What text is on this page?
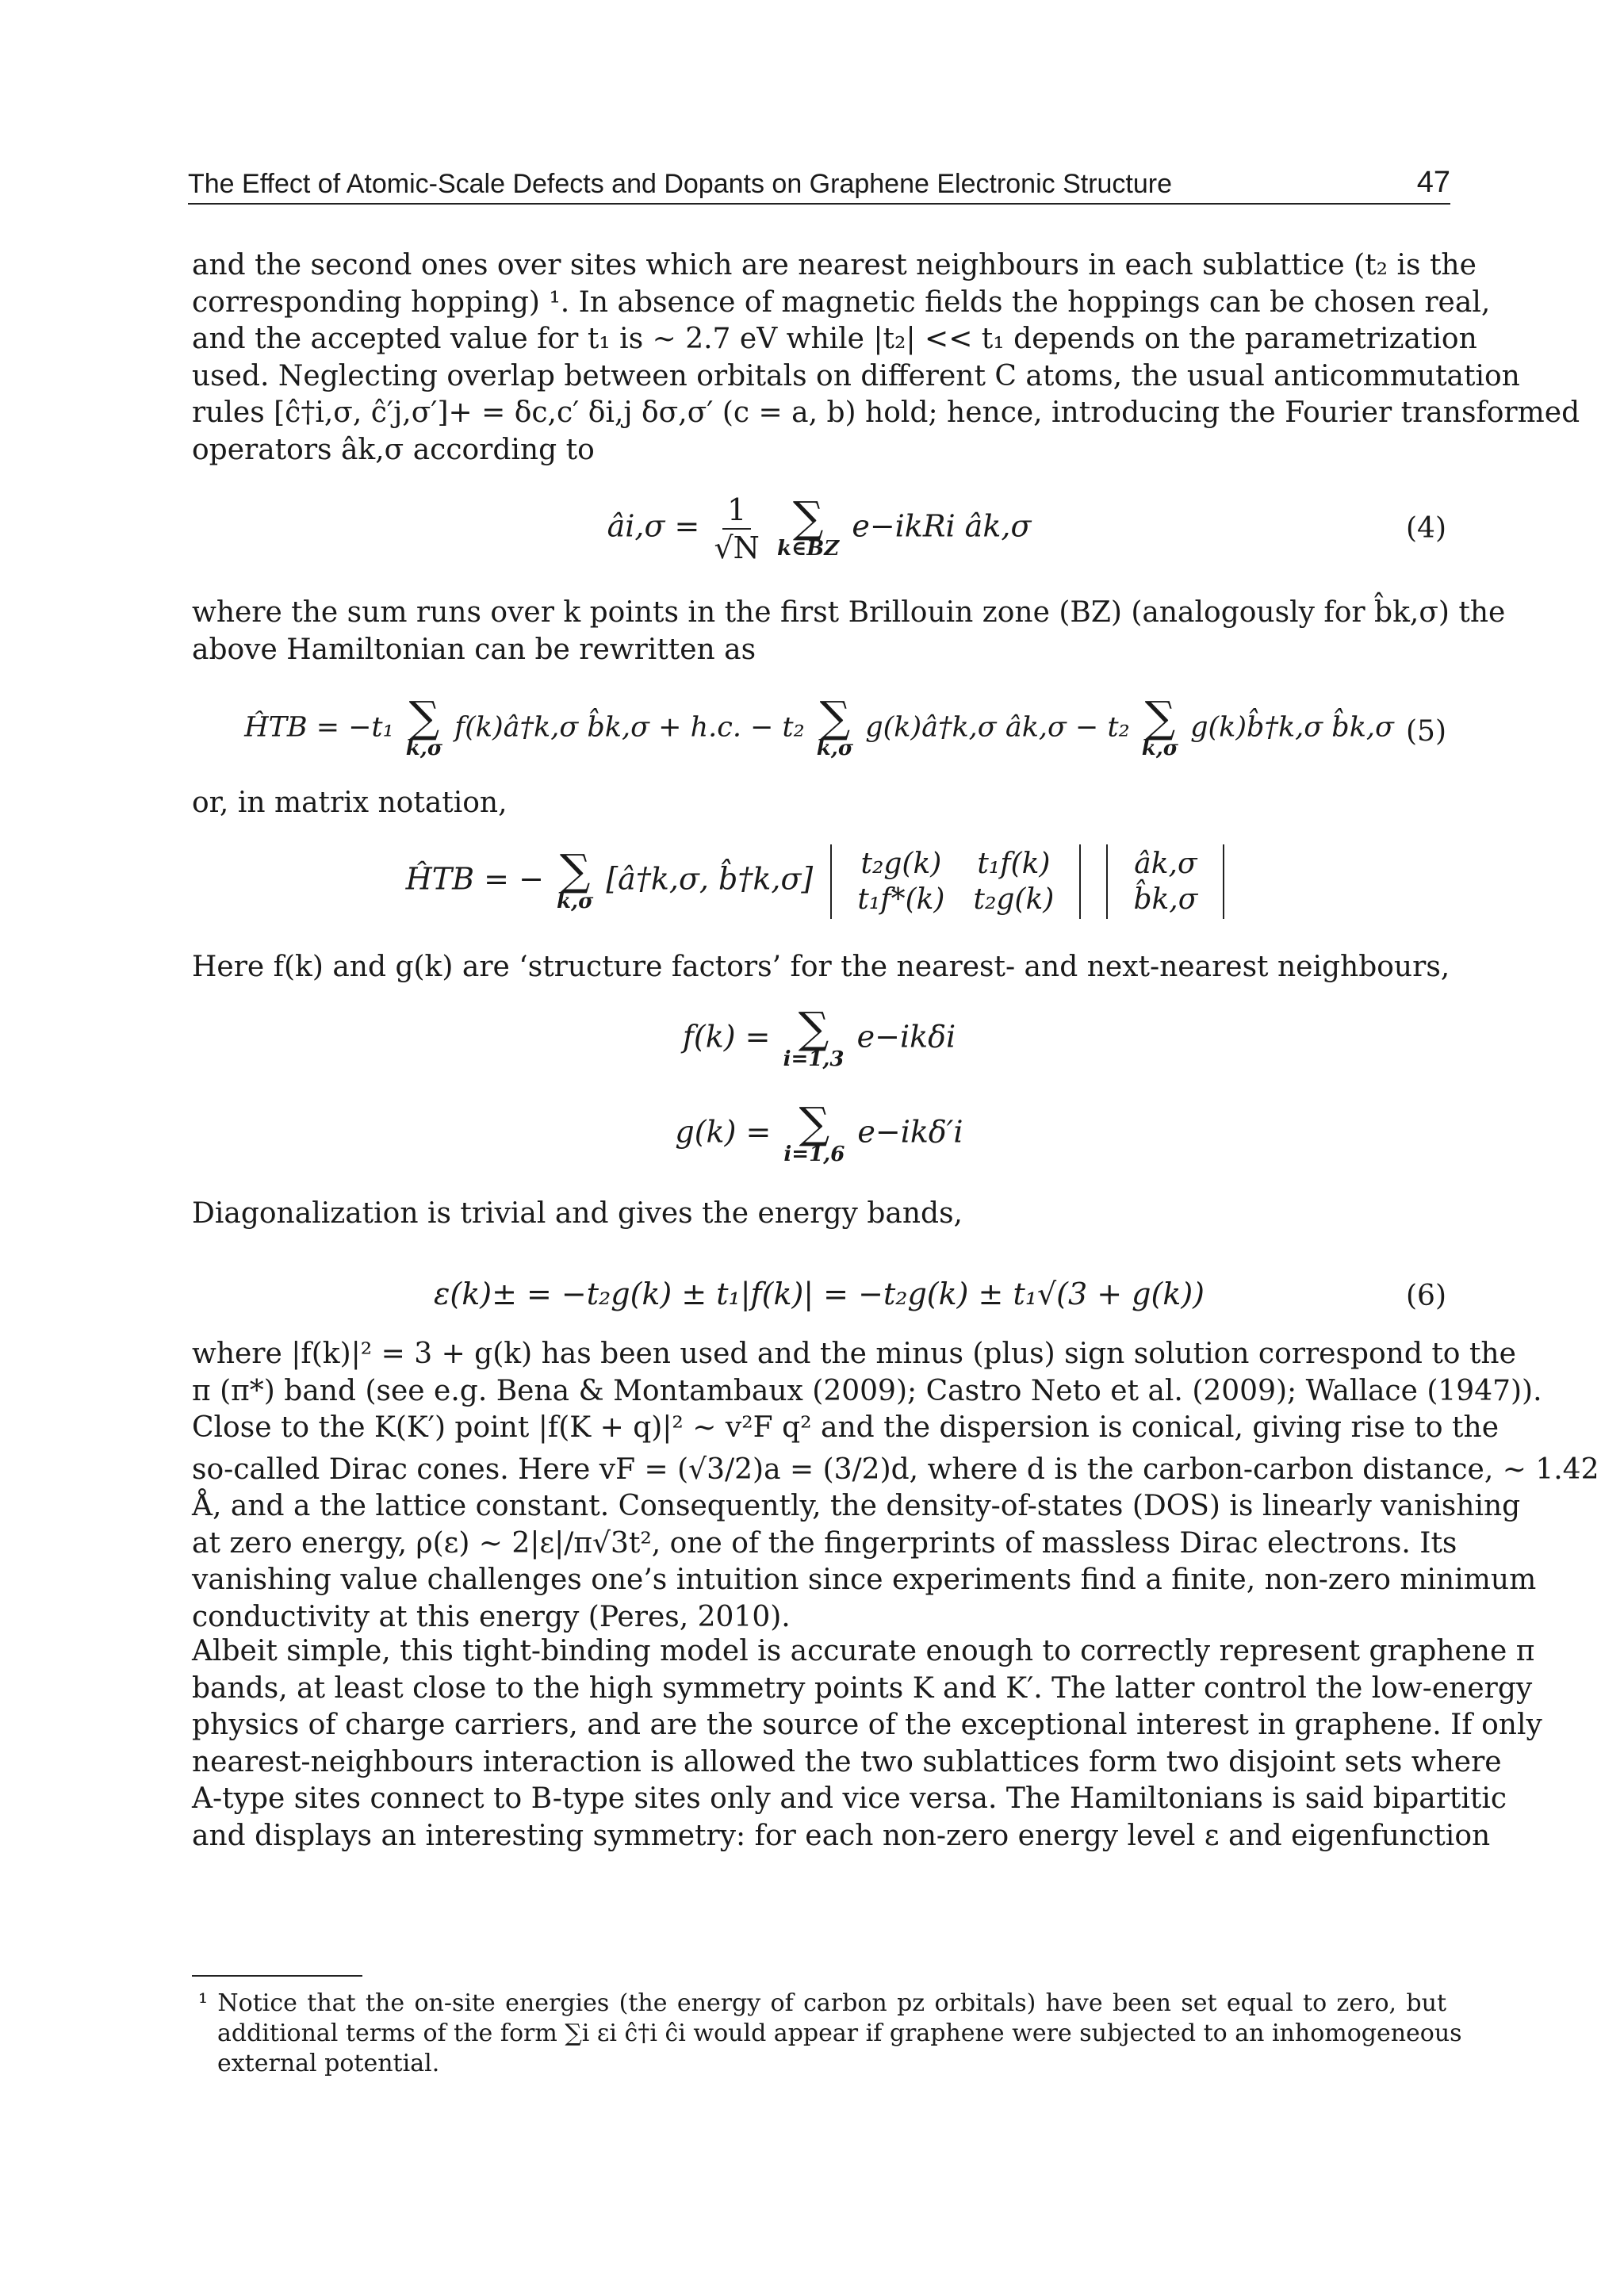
The Effect of Atomic-Scale Defects and Dopants on Graphene Electronic Structure	47
and the second ones over sites which are nearest neighbours in each sublattice (t₂ is the
corresponding hopping) ¹. In absence of magnetic fields the hoppings can be chosen real,
and the accepted value for t₁ is ∼ 2.7 eV while |t₂| << t₁ depends on the parametrization
used. Neglecting overlap between orbitals on different C atoms, the usual anticommutation
rules [ĉ†i,σ, ĉ′j,σ′]+ = δc,c′ δi,j δσ,σ′ (c = a, b) hold; hence, introducing the Fourier transformed
operators âk,σ according to
âi,σ = $\frac{1}{√N}$
∑
k∈BZ
e−ikRi âk,σ	(4)
where the sum runs over k points in the first Brillouin zone (BZ) (analogously for b̂k,σ) the
above Hamiltonian can be rewritten as
ĤTB = −t₁ ∑
k,σ
f(k)â†k,σ b̂k,σ + h.c. − t₂ ∑
k,σ
g(k)â†k,σ âk,σ − t₂ ∑
k,σ
g(k)b̂†k,σ b̂k,σ (5)
or, in matrix notation,
ĤTB = − ∑
k,σ
[â†k,σ, b̂†k,σ] t₂g(k)	t₁f(k)
t₁f*(k)	t₂g(k)

âk,σ
b̂k,σ
Here f(k) and g(k) are ‘structure factors’ for the nearest- and next-nearest neighbours,
f(k) = ∑
i=1,3
e−ikδi
g(k) = ∑
i=1,6
e−ikδ′i
Diagonalization is trivial and gives the energy bands,
ε(k)± = −t₂g(k) ± t₁|f(k)| = −t₂g(k) ± t₁√(3 + g(k))	(6)
where |f(k)|² = 3 + g(k) has been used and the minus (plus) sign solution correspond to the
π (π*) band (see e.g. Bena & Montambaux (2009); Castro Neto et al. (2009); Wallace (1947)).
Close to the K(K′) point |f(K + q)|² ∼ v²F q² and the dispersion is conical, giving rise to the
so-called Dirac cones. Here vF = (√3/2)a = (3/2)d, where d is the carbon-carbon distance, ∼ 1.42
Å, and a the lattice constant. Consequently, the density-of-states (DOS) is linearly vanishing
at zero energy, ρ(ε) ∼ 2|ε|/π√3t², one of the fingerprints of massless Dirac electrons. Its
vanishing value challenges one’s intuition since experiments find a finite, non-zero minimum
conductivity at this energy (Peres, 2010).
Albeit simple, this tight-binding model is accurate enough to correctly represent graphene π
bands, at least close to the high symmetry points K and K′. The latter control the low-energy
physics of charge carriers, and are the source of the exceptional interest in graphene. If only
nearest-neighbours interaction is allowed the two sublattices form two disjoint sets where
A-type sites connect to B-type sites only and vice versa. The Hamiltonians is said bipartitic
and displays an interesting symmetry: for each non-zero energy level ε and eigenfunction
¹ Notice that the on-site energies (the energy of carbon pz orbitals) have been set equal to zero, but
additional terms of the form ∑i εi ĉ†i ĉi would appear if graphene were subjected to an inhomogeneous
external potential.
